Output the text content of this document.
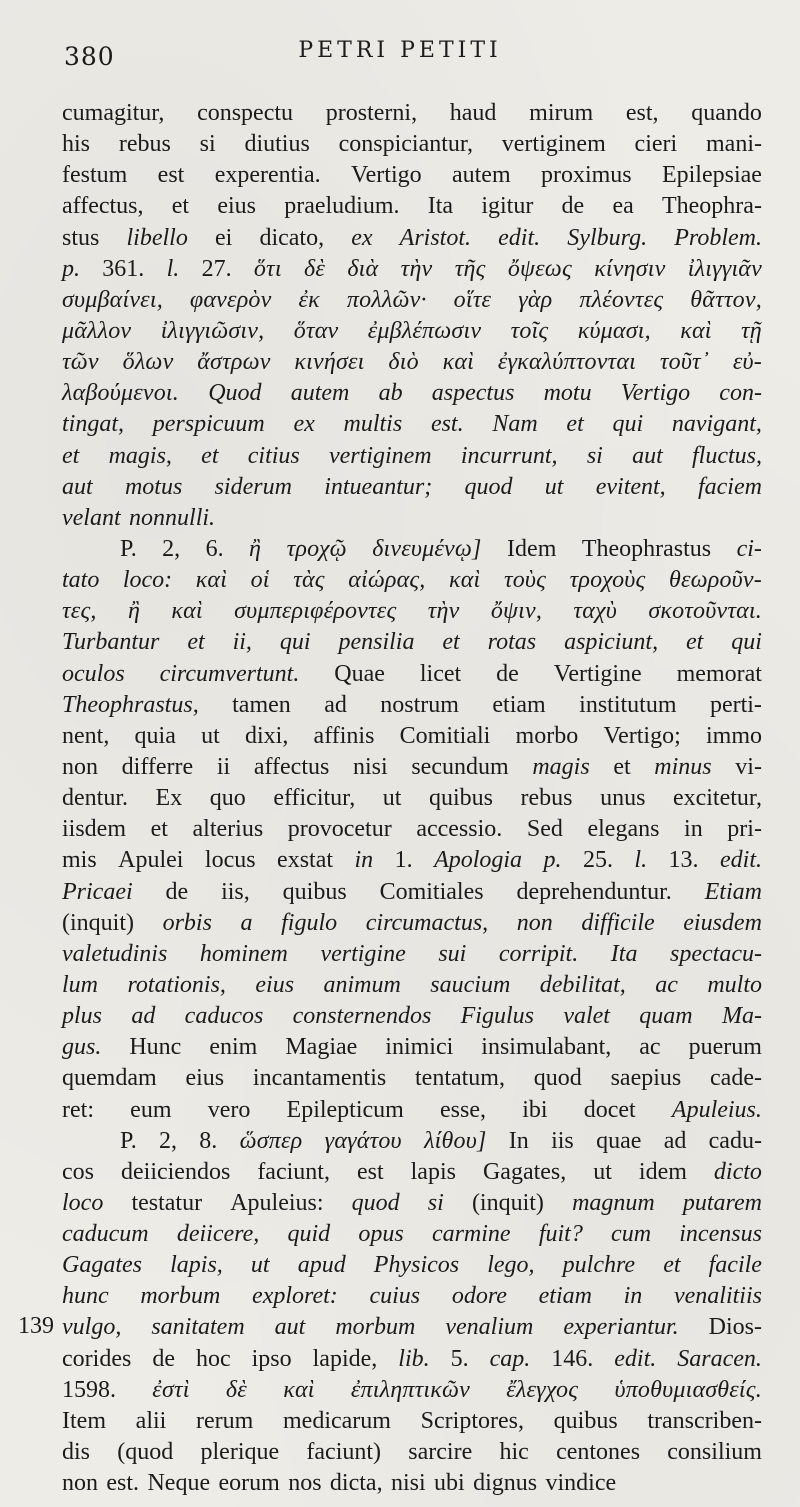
380	PETRI PETITI
139
cumagitur, conspectu prosterni, haud mirum est, quando
his rebus si diutius conspiciantur, vertiginem cieri mani-
festum est experentia. Vertigo autem proximus Epilepsiae
affectus, et eius praeludium. Ita igitur de ea Theophra-
stus libello ei dicato, ex Aristot. edit. Sylburg. Problem.
p. 361. l. 27. ὅτι δὲ διὰ τὴν τῆς ὄψεως κίνησιν ἰλιγγιᾶν
συμβαίνει, φανερὸν ἐκ πολλῶν· οἵτε γὰρ πλέοντες θᾶττον,
μᾶλλον ἰλιγγιῶσιν, ὅταν ἐμβλέπωσιν τοῖς κύμασι, καὶ τῇ
τῶν ὅλων ἄστρων κινήσει διὸ καὶ ἐγκαλύπτονται τοῦτ᾽ εὐ-
λαβούμενοι. Quod autem ab aspectus motu Vertigo con-
tingat, perspicuum ex multis est. Nam et qui navigant,
et magis, et citius vertiginem incurrunt, si aut fluctus,
aut motus siderum intueantur; quod ut evitent, faciem
velant nonnulli.
P. 2, 6. ἢ τροχῷ δινευμένῳ] Idem Theophrastus ci-
tato loco: καὶ οἱ τὰς αἰώρας, καὶ τοὺς τροχοὺς θεωροῦν-
τες, ἢ καὶ συμπεριφέροντες τὴν ὄψιν, ταχὺ σκοτοῦνται.
Turbantur et ii, qui pensilia et rotas aspiciunt, et qui
oculos circumvertunt. Quae licet de Vertigine memorat
Theophrastus, tamen ad nostrum etiam institutum perti-
nent, quia ut dixi, affinis Comitiali morbo Vertigo; immo
non differre ii affectus nisi secundum magis et minus vi-
dentur. Ex quo efficitur, ut quibus rebus unus excitetur,
iisdem et alterius provocetur accessio. Sed elegans in pri-
mis Apulei locus exstat in 1. Apologia p. 25. l. 13. edit.
Pricaei de iis, quibus Comitiales deprehenduntur. Etiam
(inquit) orbis a figulo circumactus, non difficile eiusdem
valetudinis hominem vertigine sui corripit. Ita spectacu-
lum rotationis, eius animum saucium debilitat, ac multo
plus ad caducos consternendos Figulus valet quam Ma-
gus. Hunc enim Magiae inimici insimulabant, ac puerum
quemdam eius incantamentis tentatum, quod saepius cade-
ret: eum vero Epilepticum esse, ibi docet Apuleius.
P. 2, 8. ὥσπερ γαγάτου λίθου] In iis quae ad cadu-
cos deiiciendos faciunt, est lapis Gagates, ut idem dicto
loco testatur Apuleius: quod si (inquit) magnum putarem
caducum deiicere, quid opus carmine fuit? cum incensus
Gagates lapis, ut apud Physicos lego, pulchre et facile
hunc morbum exploret: cuius odore etiam in venalitiis
vulgo, sanitatem aut morbum venalium experiantur. Dios-
corides de hoc ipso lapide, lib. 5. cap. 146. edit. Saracen.
1598. ἐστὶ δὲ καὶ ἐπιληπτικῶν ἔλεγχος ὑποθυμιασθείς.
Item alii rerum medicarum Scriptores, quibus transcriben-
dis (quod plerique faciunt) sarcire hic centones consilium
non est. Neque eorum nos dicta, nisi ubi dignus vindice
